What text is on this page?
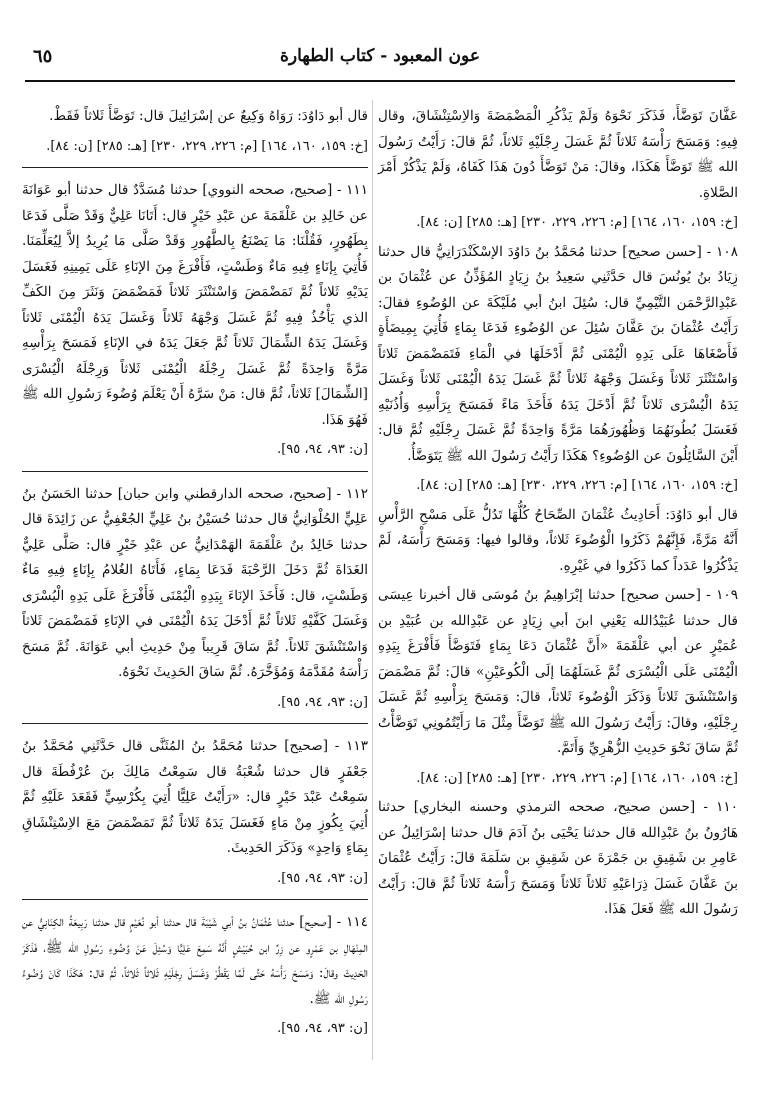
عون المعبود - كتاب الطهارة
٦٥

عَفَّانَ تَوَضَّأَ، فَذَكَرَ نَحْوَهُ وَلَمْ يَذْكُرِ الْمَضْمَضَةَ وَالاِسْتِنْشَاقَ، وقال فِيهِ: وَمَسَحَ رَأْسَهُ ثَلاثاً ثُمَّ غَسَلَ رِجْلَيْهِ ثَلاثاً، ثُمَّ قالَ: رَأَيْتُ رَسُولَ الله ﷺ تَوَضَّأَ هَكَذَا، وقالَ: مَنْ تَوَضَّأَ دُونَ هَذَا كَفَاهُ، وَلَمْ يَذْكُرْ أَمْرَ الصَّلاةِ.

[خ: ١٥٩، ١٦٠، ١٦٤] [م: ٢٢٦، ٢٢٩، ٢٣٠] [هـ: ٢٨٥] [ن: ٨٤].

١٠٨ - [حسن صحيح] حدثنا مُحَمَّدُ بنُ دَاوُدَ الإسْكَنْدَرَانِيُّ قال حدثنا زِيَادُ بنُ يُونُسَ قال حَدَّثَنِي سَعِيدُ بنُ زِيَادٍ المُؤَذِّنُ عن عُثْمَانَ بن عَبْدِالرَّحْمَن التَّيْمِيِّ قال: سُئِلَ ابنُ أبي مُلَيْكَةَ عن الوُضُوءِ فقالَ: رَأَيْتُ عُثْمَانَ بنَ عَفَّانَ سُئِلَ عن الوُضُوءِ فَدَعَا بِمَاءٍ فَأُتِيَ بِمِيضَأَةٍ فَأَصْغَاهَا عَلَى يَدِهِ الْيُمْنَى ثُمَّ أَدْخَلَهَا في الْمَاءِ فَتَمَضْمَضَ ثَلاثاً وَاسْتَنْثَرَ ثَلاثاً وَغَسَلَ وَجْهَهُ ثَلاثاً ثُمَّ غَسَلَ يَدَهُ الْيُمْنَى ثَلاثاً وَغَسَلَ يَدَهُ الْيُسْرَى ثَلاثاً ثُمَّ أَدْخَلَ يَدَهُ فَأَخَذَ مَاءً فَمَسَحَ بِرَأْسِهِ وَأُذُنَيْهِ فَغَسَلَ بُطُونَهُمَا وَظُهُورَهُمَا مَرَّةً وَاحِدَةً ثُمَّ غَسَلَ رِجْلَيْهِ ثُمَّ قال: أَيْنَ السَّائِلُونَ عن الوُضُوءِ؟ هَكَذَا رَأَيْتُ رَسُولَ الله ﷺ يَتَوَضَّأُ.

[خ: ١٥٩، ١٦٠، ١٦٤] [م: ٢٢٦، ٢٢٩، ٢٣٠] [هـ: ٢٨٥] [ن: ٨٤].

قال أبو دَاوُدَ: أَحَادِيثُ عُثْمَانَ الصِّحَاحُ كُلُّهَا تَدُلُّ عَلَى مَسْحِ الرَّأْسِ أَنَّهُ مَرَّةً، فَإِنَّهُمْ ذَكَرُوا الْوُضُوءَ ثَلاثاً، وقالوا فيها: وَمَسَحَ رَأْسَهُ، لَمْ يَذْكُرُوا عَدَداً كما ذَكَرُوا في غَيْرِهِ.

١٠٩ - [حسن صحيح] حدثنا إبْرَاهِيمُ بنُ مُوسَى قال أخبرنا عِيسَى قال حدثنا عُبَيْدُالله يَعْنِي ابنَ أبي زِيَادٍ عن عَبْدِالله بن عُبَيْدِ بن عُمَيْرٍ عن أبي عَلْقَمَةَ «أَنَّ عُثْمَانَ دَعَا بِمَاءٍ فَتَوَضَّأَ فَأَفْرَغَ بِيَدِهِ الْيُمْنَى عَلَى الْيُسْرَى ثُمَّ غَسَلَهُمَا إلَى الْكُوعَيْنِ» قالَ: ثُمَّ مَضْمَضَ وَاسْتَنْشَقَ ثَلاثاً وَذَكَرَ الْوُضُوءَ ثَلاثاً، قالَ: وَمَسَحَ بِرَأْسِهِ ثُمَّ غَسَلَ رِجْلَيْهِ، وقالَ: رَأَيْتُ رَسُولَ الله ﷺ تَوَضَّأَ مِثْلَ مَا رَأَيْتُمُونِي تَوَضَّأْتُ ثُمَّ سَاقَ نَحْوَ حَدِيثِ الزُّهْرِيِّ وَأَتَمَّ.

[خ: ١٥٩، ١٦٠، ١٦٤] [م: ٢٢٦، ٢٢٩، ٢٣٠] [هـ: ٢٨٥] [ن: ٨٤].

١١٠ - [حسن صحيح، صححه الترمذي وحسنه البخاري] حدثنا هَارُونُ بنُ عَبْدِالله قال حدثنا يَحْيَى بنُ آدَمَ قال حدثنا إسْرَائِيلُ عن عَامِرِ بن شَقِيقِ بن جَمْرَةَ عن شَقِيقِ بن سَلَمَةَ قالَ: رَأَيْتُ عُثْمَانَ بنَ عَفَّانَ غَسَلَ ذِرَاعَيْهِ ثَلاثاً ثَلاثاً وَمَسَحَ رَأْسَهُ ثَلاثاً ثُمَّ قالَ: رَأَيْتُ رَسُولَ الله ﷺ فَعَلَ هَذَا.

قال أبو دَاوُدَ: رَوَاهُ وَكِيعٌ عن إسْرَائِيلَ قال: تَوَضَّأَ ثَلاثاً فَقَطْ.

[خ: ١٥٩، ١٦٠، ١٦٤] [م: ٢٢٦، ٢٢٩، ٢٣٠] [هـ: ٢٨٥] [ن: ٨٤].

١١١ - [صحيح، صححه النووي] حدثنا مُسَدَّدٌ قال حدثنا أبو عَوَانَةَ عن خَالِدِ بن عَلْقَمَةَ عن عَبْدِ خَيْرٍ قال: أَتَانَا عَلِيٌّ وَقَدْ صَلَّى فَدَعَا بِطَهُورٍ، فَقُلْنَا: مَا يَصْنَعُ بِالطَّهُورِ وَقَدْ صَلَّى مَا يُرِيدُ إلاَّ لِيُعَلِّمَنَا. فَأُتِيَ بِإنَاءٍ فِيهِ مَاءٌ وَطَسْتٍ، فَأَفْرَغَ مِنَ الإنَاءِ عَلَى يَمِينِهِ فَغَسَلَ يَدَيْهِ ثَلاثاً ثُمَّ تَمَضْمَضَ وَاسْتَنْثَرَ ثَلاثاً فَمَضْمَضَ وَنَثَرَ مِنَ الكَفِّ الذي يَأْخُذُ فِيهِ ثُمَّ غَسَلَ وَجْهَهُ ثَلاثاً وَغَسَلَ يَدَهُ الْيُمْنَى ثَلاثاً وَغَسَلَ يَدَهُ الشِّمَالَ ثَلاثاً ثُمَّ جَعَلَ يَدَهُ في الإنَاءِ فَمَسَحَ بِرَأْسِهِ مَرَّةً وَاحِدَةً ثُمَّ غَسَلَ رِجْلَهُ الْيُمْنَى ثَلاثاً وَرِجْلَهُ الْيُسْرَى [الشِّمَالَ] ثَلاثاً، ثُمَّ قال: مَنْ سَرَّهُ أَنْ يَعْلَمَ وُضُوءَ رَسُولِ الله ﷺ فَهُوَ هَذَا.

[ن: ٩٣، ٩٤، ٩٥].

١١٢ - [صحيح، صححه الدارقطني وابن حبان] حدثنا الحَسَنُ بنُ عَلِيٍّ الحُلْوَانِيُّ قال حدثنا حُسَيْنُ بنُ عَلِيٍّ الجُعْفِيُّ عن زَائِدَةَ قال حدثنا خَالِدُ بنُ عَلْقَمَةَ الهَمْدَانِيُّ عن عَبْدِ خَيْرٍ قال: صَلَّى عَلِيٌّ الغَدَاةَ ثُمَّ دَخَلَ الرَّحْبَةَ فَدَعَا بِمَاءٍ، فَأَتَاهُ الغُلامُ بِإنَاءٍ فِيهِ مَاءٌ وَطَسْتٍ، قال: فَأَخَذَ الإنَاءَ بِيَدِهِ الْيُمْنَى فَأَفْرَغَ عَلَى يَدِهِ الْيُسْرَى وَغَسَلَ كَفَّيْهِ ثَلاثاً ثُمَّ أَدْخَلَ يَدَهُ الْيُمْنَى في الإنَاءِ فَمَضْمَضَ ثَلاثاً وَاسْتَنْشَقَ ثَلاثاً. ثُمَّ سَاقَ قَرِيباً مِنْ حَدِيثِ أبي عَوَانَةَ. ثُمَّ مَسَحَ رَأْسَهُ مُقَدَّمَهُ وَمُؤَخَّرَهُ. ثُمَّ سَاقَ الحَدِيثَ نَحْوَهُ.

[ن: ٩٣، ٩٤، ٩٥].

١١٣ - [صحيح] حدثنا مُحَمَّدُ بنُ المُثَنَّى قال حَدَّثَنِي مُحَمَّدُ بنُ جَعْفَرٍ قال حدثنا شُعْبَةُ قال سَمِعْتُ مَالِكَ بنَ عُرْفُطَةَ قال سَمِعْتُ عَبْدَ خَيْرٍ قال: «رَأَيْتُ عَلِيًّا أُتِيَ بِكُرْسِيٍّ فَقَعَدَ عَلَيْهِ ثُمَّ أُتِيَ بِكُوزٍ مِنْ مَاءٍ فَغَسَلَ يَدَهُ ثَلاثاً ثُمَّ تَمَضْمَضَ مَعَ الاِسْتِنْشَاقِ بِمَاءٍ وَاحِدٍ» وَذَكَرَ الحَدِيثَ.

[ن: ٩٣، ٩٤، ٩٥].

١١٤ - [صحيح] حدثنا عُثْمَانُ بنُ أبي شَيْبَةَ قال حدثنا أبو نُعَيْمٍ قال حدثنا رَبِيعَةُ الكِنَانِيُّ عن المِنْهَالِ بن عَمْرٍو عن زِرِّ ابن حُبَيْشٍ أَنَّهُ سَمِعَ عَلِيًّا وَسُئِلَ عَنْ وُضُوءِ رَسُولِ الله ﷺ، فَذَكَرَ الحَدِيثَ وقالَ: وَمَسَحَ رَأْسَهُ حَتَّى لَمَّا يَقْطُرْ وَغَسَلَ رِجْلَيْهِ ثَلاثاً ثَلاثاً، ثُمَّ قال: هَكَذَا كَانَ وُضُوءُ رَسُولِ الله ﷺ.

[ن: ٩٣، ٩٤، ٩٥].
